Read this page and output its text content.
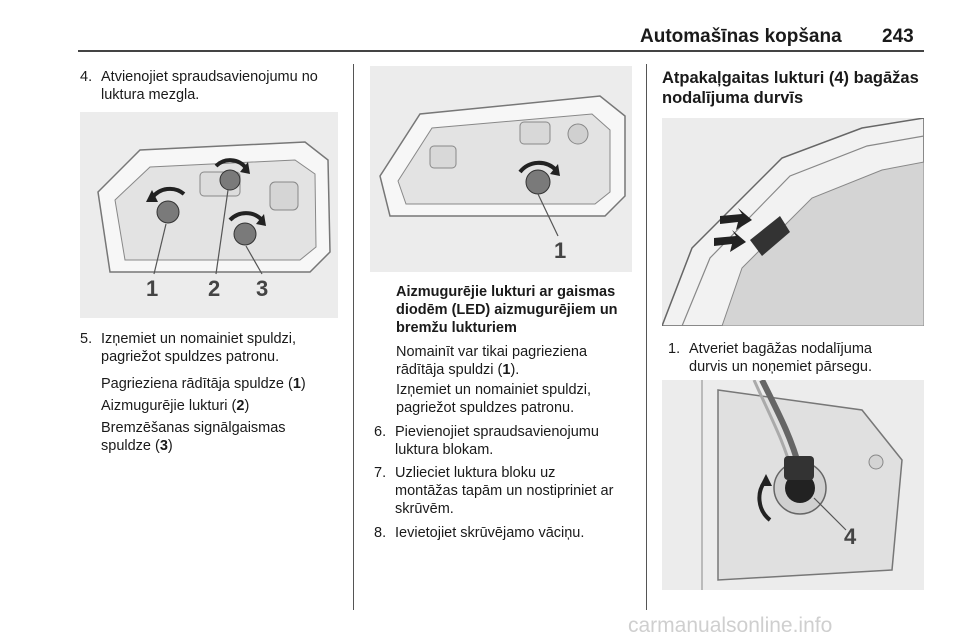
Automašīnas kopšana 243
4. Atvienojiet spraudsavienojumu no
luktura mezgla.
1 2 3
5. Izņemiet un nomainiet spuldzi,
pagriežot spuldzes patronu.
Pagrieziena rādītāja spuldze (1)
Aizmugurējie lukturi (2)
Bremzēšanas signālgaismas
spuldze (3)
1
Aizmugurējie lukturi ar gaismas
diodēm (LED) aizmugurējiem un
bremžu lukturiem
Nomainīt var tikai pagrieziena
rādītāja spuldzi (1).
Izņemiet un nomainiet spuldzi,
pagriežot spuldzes patronu.
6. Pievienojiet spraudsavienojumu
luktura blokam.
7. Uzlieciet luktura bloku uz
montāžas tapām un nostipriniet ar
skrūvēm.
8. Ievietojiet skrūvējamo vāciņu.
Atpakaļgaitas lukturi (4) bagāžas
nodalījuma durvīs
1. Atveriet bagāžas nodalījuma
durvis un noņemiet pārsegu.
4
carmanualsonline.info
